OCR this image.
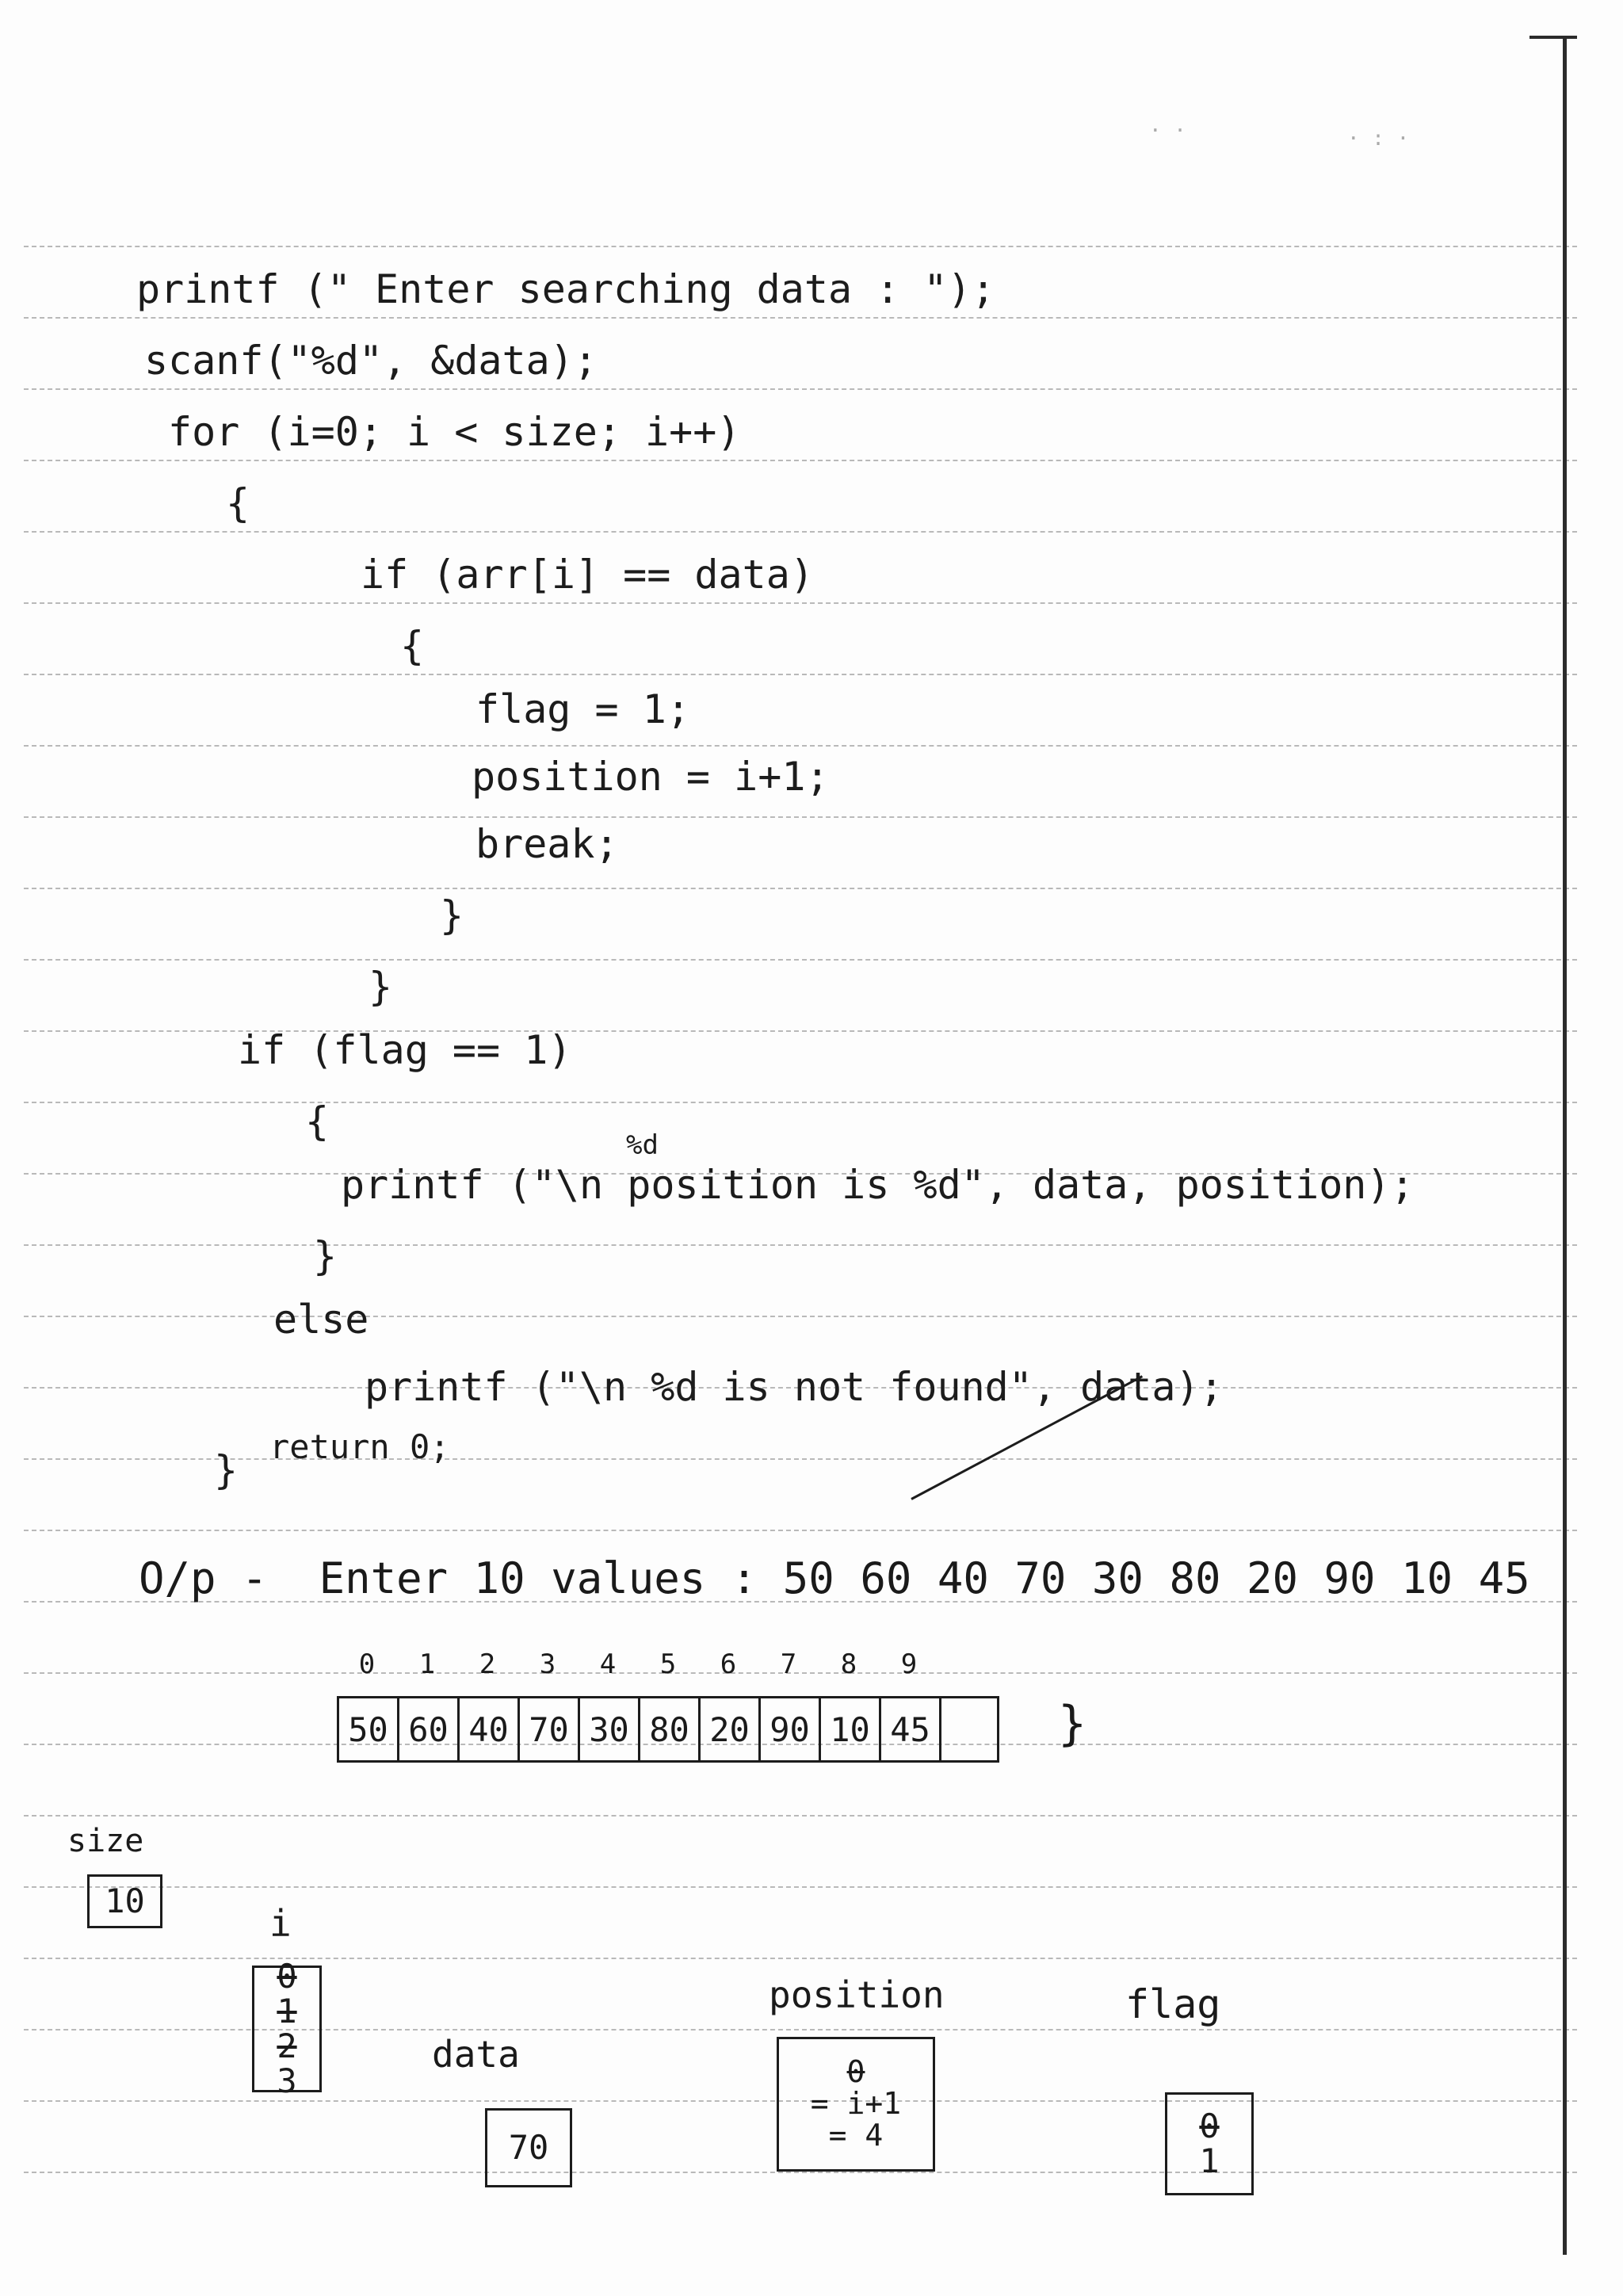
· ·	· : ·
printf (" Enter searching data : ");
scanf("%d", &data);
for (i=0; i < size; i++)
{
if (arr[i] == data)
{
flag = 1;
position = i+1;
break;
}
}
if (flag == 1)
{
%d
printf ("\n position is %d", data, position);
}
else
printf ("\n %d is not found", data);
return 0;
}
O/p - Enter 10 values : 50 60 40 70 30 80 20 90 10 45
0	1	2	3	4	5	6	7	8	9
50 60 40 70 30 80 20 90 10 45	}
size
10
i
0
1
2
3
data
70
position
0
= i+1
= 4
flag
0
1
